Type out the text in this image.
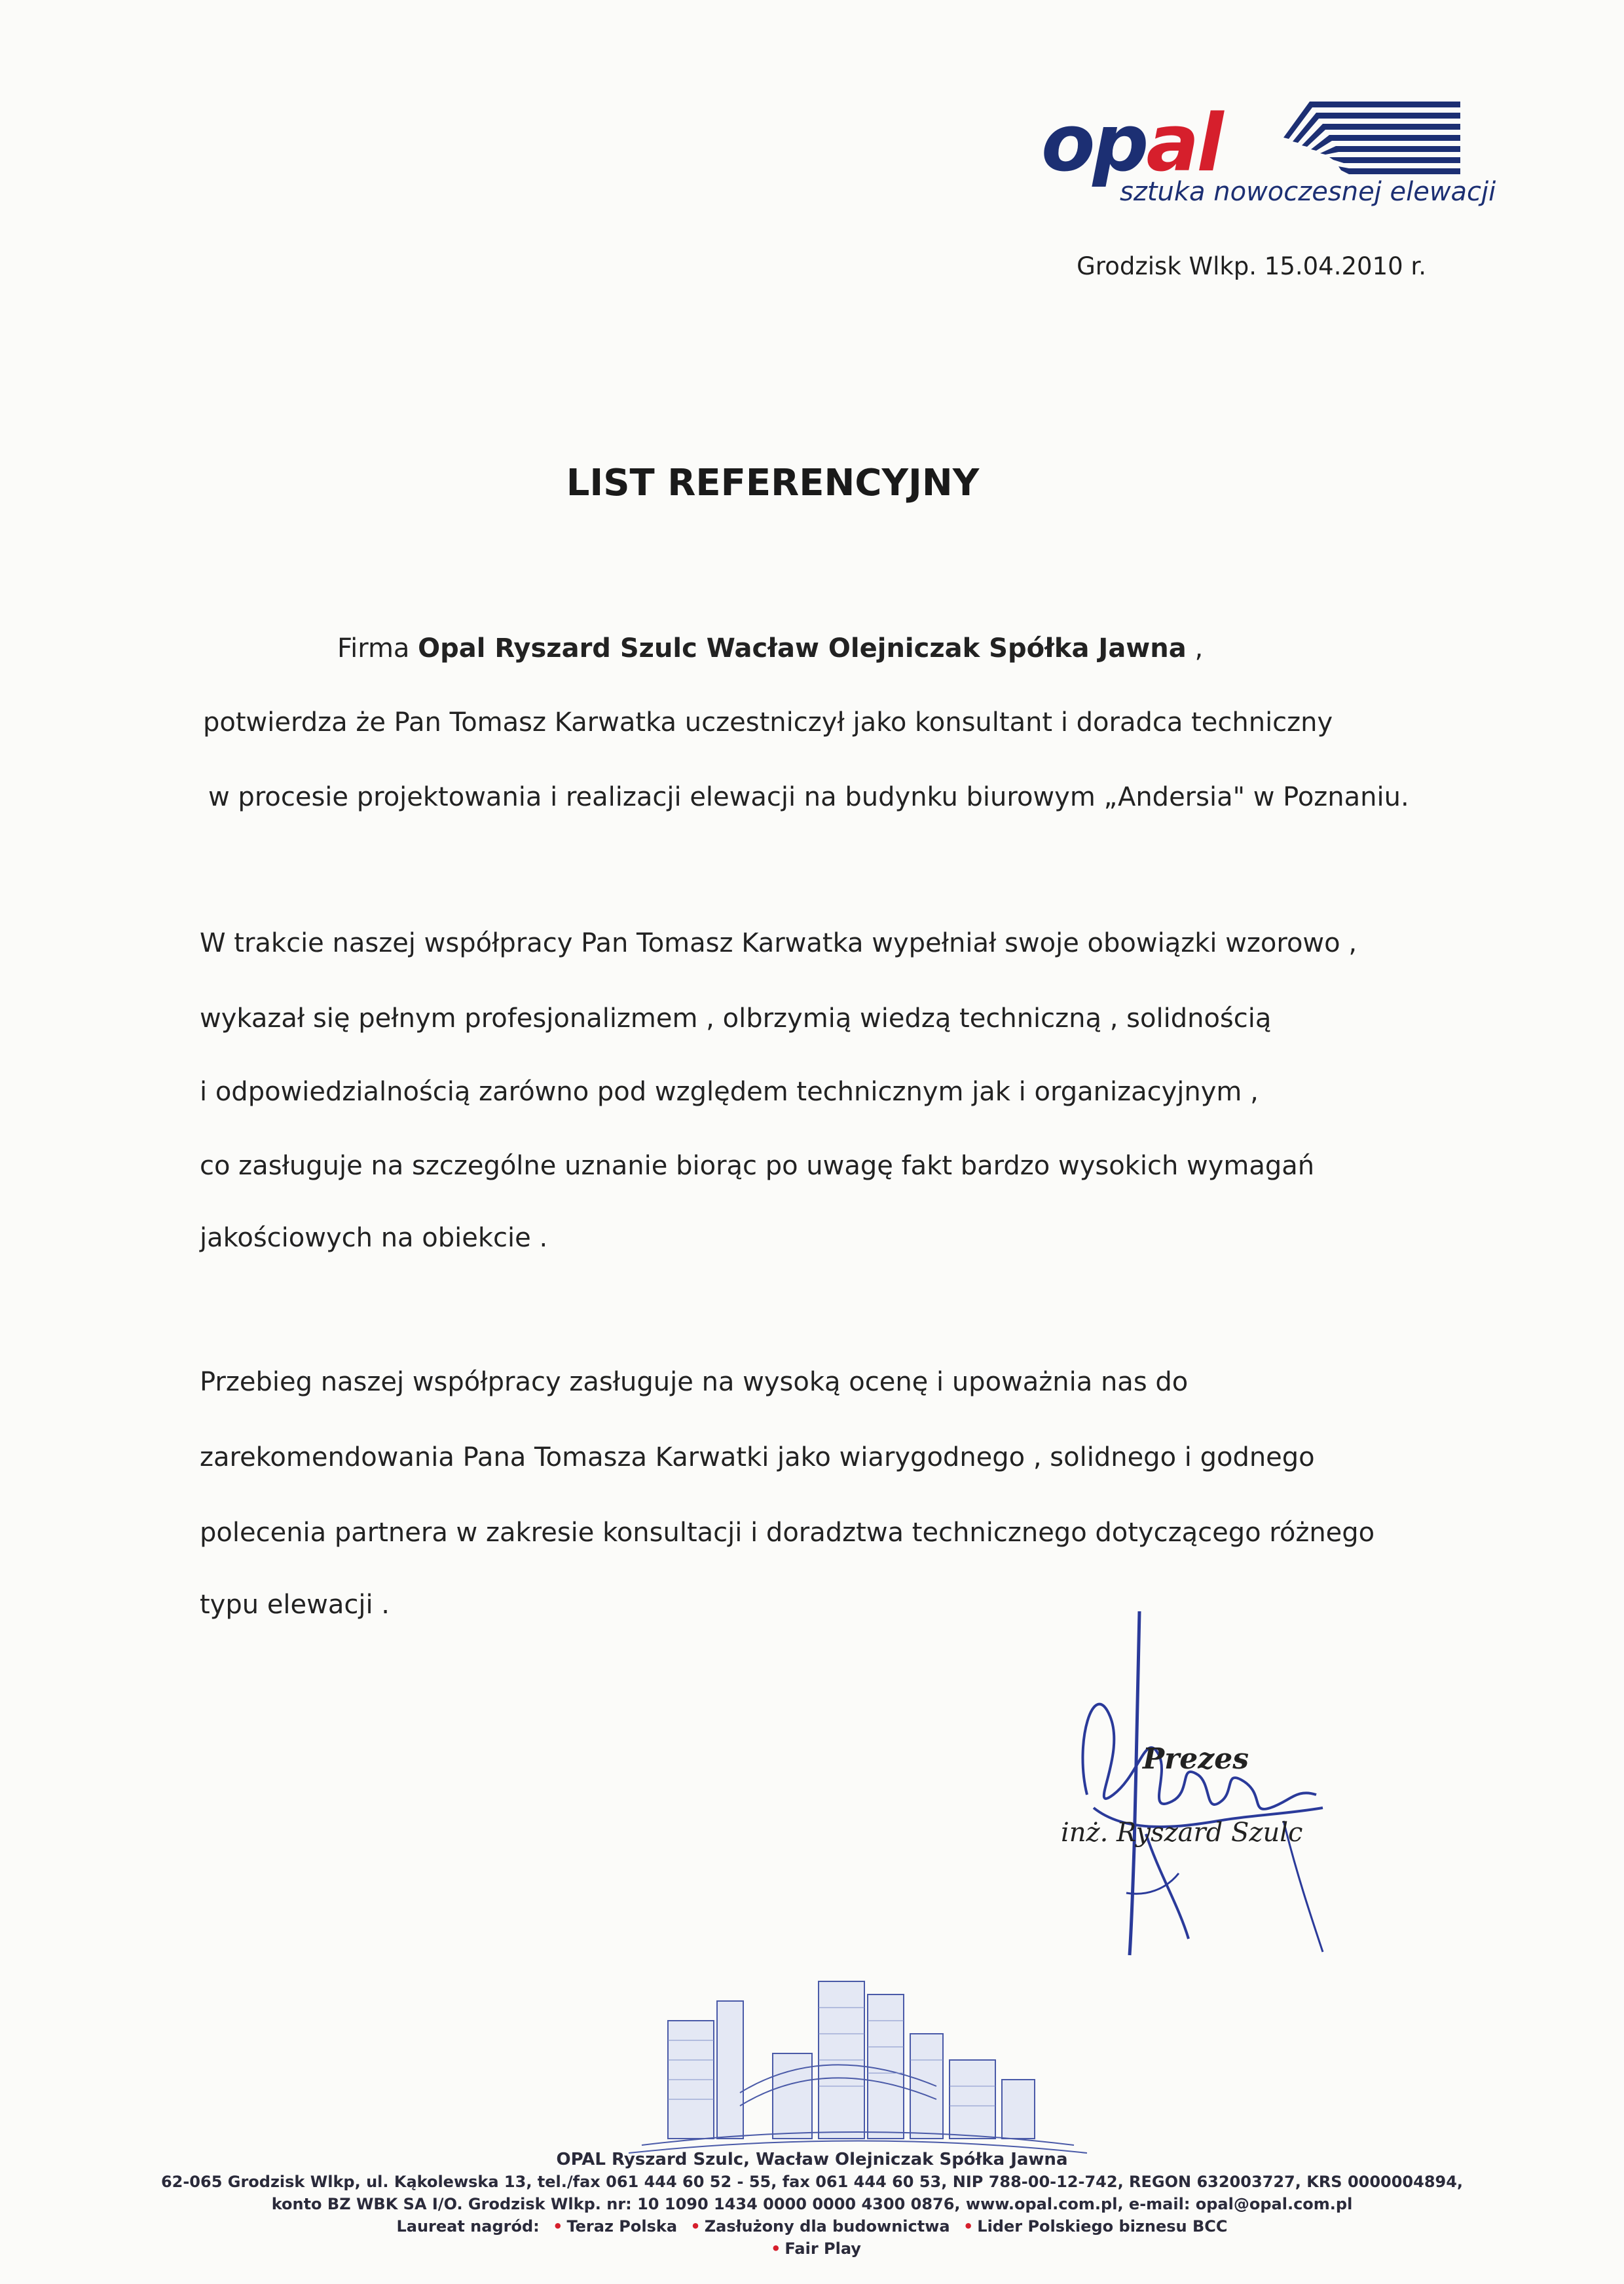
opal
sztuka nowoczesnej elewacji
Grodzisk Wlkp. 15.04.2010 r.
LIST REFERENCYJNY
Firma Opal Ryszard Szulc Wacław Olejniczak Spółka Jawna ,
potwierdza że Pan Tomasz Karwatka uczestniczył jako konsultant i doradca techniczny
w procesie projektowania i realizacji elewacji na budynku biurowym „Andersia" w Poznaniu.
W trakcie naszej współpracy Pan Tomasz Karwatka wypełniał swoje obowiązki wzorowo ,
wykazał się pełnym profesjonalizmem , olbrzymią wiedzą techniczną , solidnością
i odpowiedzialnością zarówno pod względem technicznym jak i organizacyjnym ,
co zasługuje na szczególne uznanie biorąc po uwagę fakt bardzo wysokich wymagań
jakościowych na obiekcie .
Przebieg naszej współpracy zasługuje na wysoką ocenę i upoważnia nas do
zarekomendowania Pana Tomasza Karwatki jako wiarygodnego , solidnego i godnego
polecenia partnera w zakresie konsultacji i doradztwa technicznego dotyczącego różnego
typu elewacji .
Prezes
inż. Ryszard Szulc
OPAL Ryszard Szulc, Wacław Olejniczak Spółka Jawna
62-065 Grodzisk Wlkp, ul. Kąkolewska 13, tel./fax 061 444 60 52 - 55, fax 061 444 60 53, NIP 788-00-12-742, REGON 632003727, KRS 0000004894,
konto BZ WBK SA I/O. Grodzisk Wlkp. nr: 10 1090 1434 0000 0000 4300 0876, www.opal.com.pl, e-mail: opal@opal.com.pl
Laureat nagród: • Teraz Polska • Zasłużony dla budownictwa • Lider Polskiego biznesu BCC
• Fair Play
